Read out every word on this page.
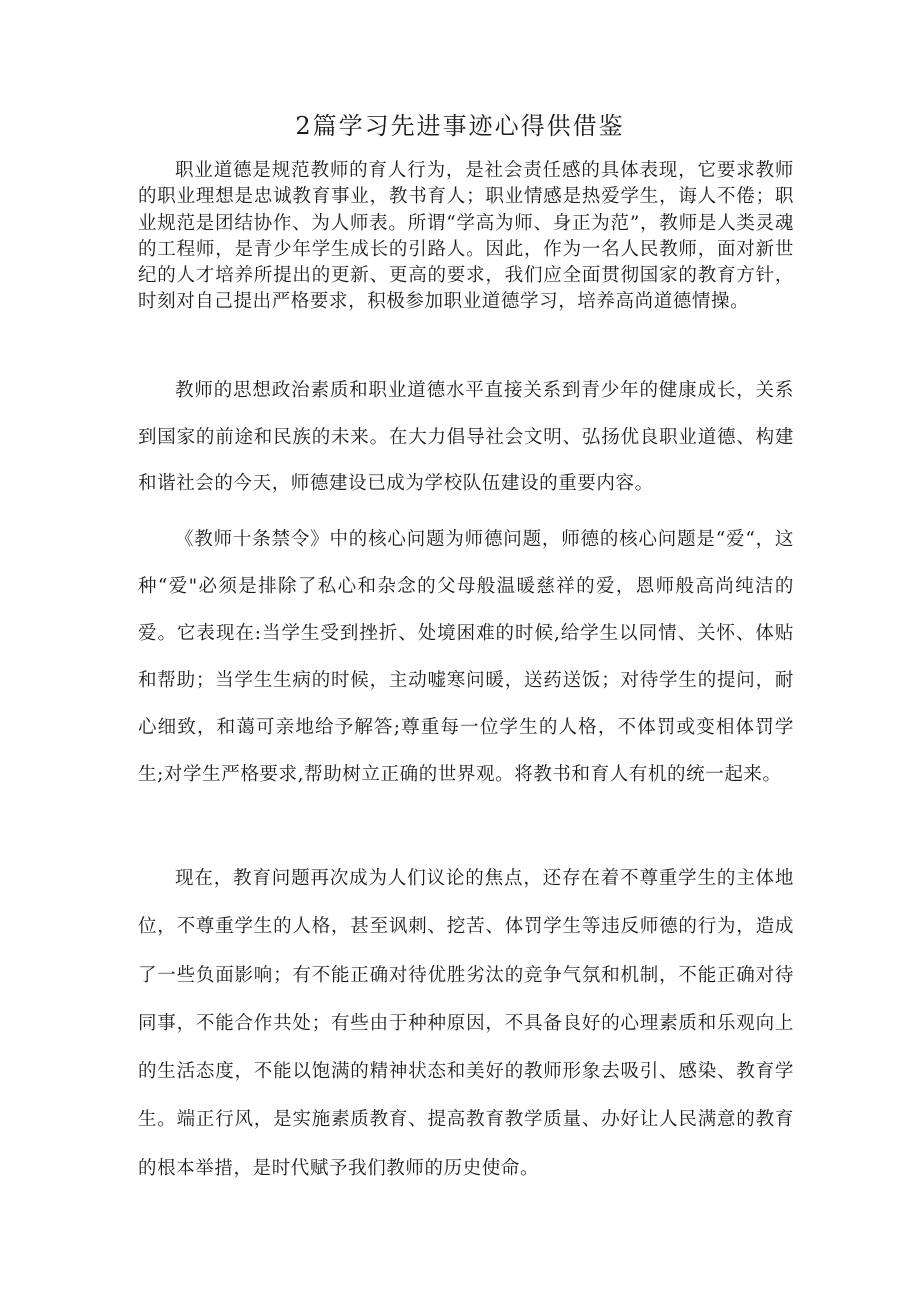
2篇学习先进事迹心得供借鉴

职业道德是规范教师的育人行为，是社会责任感的具体表现，它要求教师的职业理想是忠诚教育事业，教书育人；职业情感是热爱学生，诲人不倦；职业规范是团结协作、为人师表。所谓“学高为师、身正为范”，教师是人类灵魂的工程师，是青少年学生成长的引路人。因此，作为一名人民教师，面对新世纪的人才培养所提出的更新、更高的要求，我们应全面贯彻国家的教育方针，时刻对自己提出严格要求，积极参加职业道德学习，培养高尚道德情操。

教师的思想政治素质和职业道德水平直接关系到青少年的健康成长，关系到国家的前途和民族的未来。在大力倡导社会文明、弘扬优良职业道德、构建和谐社会的今天，师德建设已成为学校队伍建设的重要内容。

《教师十条禁令》中的核心问题为师德问题，师德的核心问题是“爱“，这种“爱"必须是排除了私心和杂念的父母般温暖慈祥的爱，恩师般高尚纯洁的爱。它表现在:当学生受到挫折、处境困难的时候,给学生以同情、关怀、体贴和帮助；当学生生病的时候，主动嘘寒问暖，送药送饭；对待学生的提问，耐心细致，和蔼可亲地给予解答;尊重每一位学生的人格，不体罚或变相体罚学生;对学生严格要求,帮助树立正确的世界观。将教书和育人有机的统一起来。

现在，教育问题再次成为人们议论的焦点，还存在着不尊重学生的主体地位，不尊重学生的人格，甚至讽刺、挖苦、体罚学生等违反师德的行为，造成了一些负面影响；有不能正确对待优胜劣汰的竞争气氛和机制，不能正确对待同事，不能合作共处；有些由于种种原因，不具备良好的心理素质和乐观向上的生活态度，不能以饱满的精神状态和美好的教师形象去吸引、感染、教育学生。端正行风，是实施素质教育、提高教育教学质量、办好让人民满意的教育的根本举措，是时代赋予我们教师的历史使命。
